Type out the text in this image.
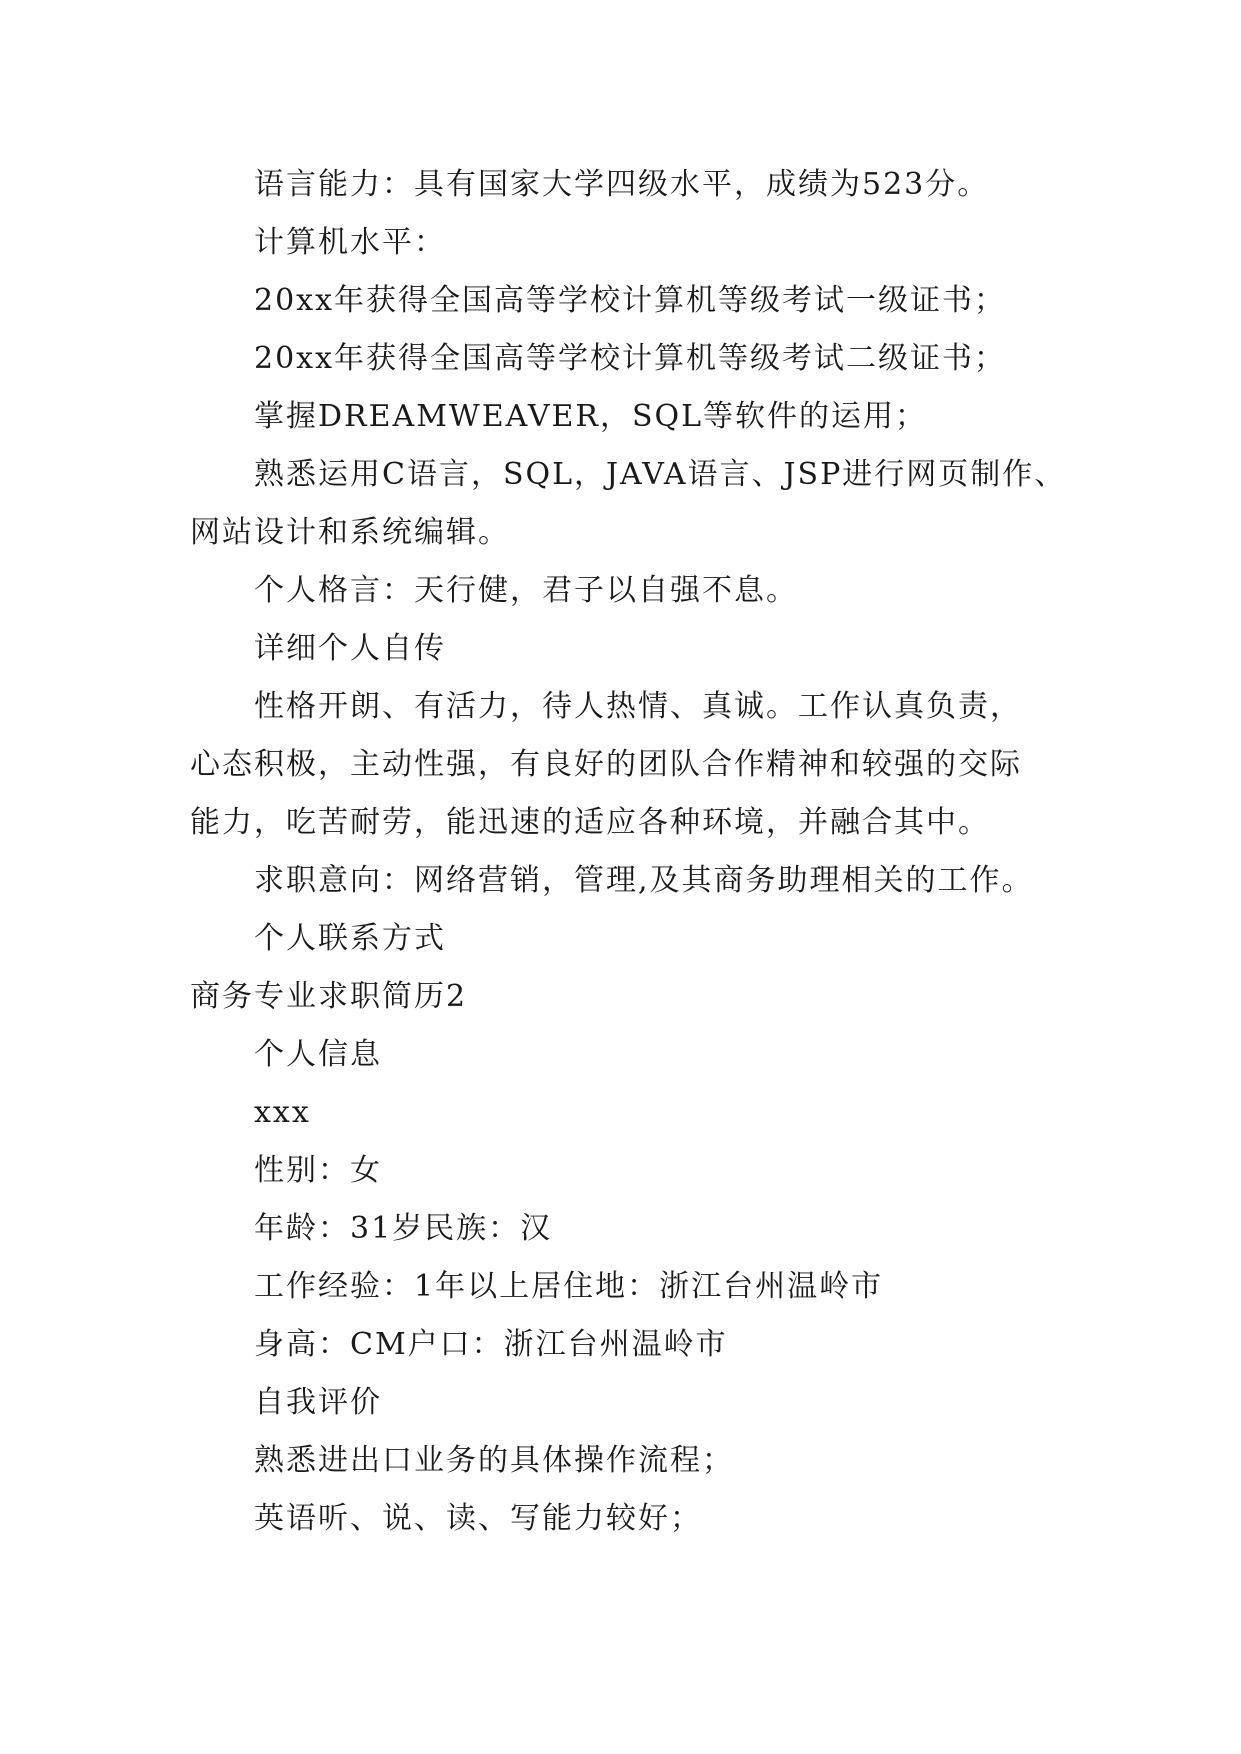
语言能力：具有国家大学四级水平，成绩为523分。
计算机水平：
20xx年获得全国高等学校计算机等级考试一级证书；
20xx年获得全国高等学校计算机等级考试二级证书；
掌握DREAMWEAVER，SQL等软件的运用；
熟悉运用C语言，SQL，JAVA语言、JSP进行网页制作、
网站设计和系统编辑。
个人格言：天行健，君子以自强不息。
详细个人自传
性格开朗、有活力，待人热情、真诚。工作认真负责，
心态积极，主动性强，有良好的团队合作精神和较强的交际
能力，吃苦耐劳，能迅速的适应各种环境，并融合其中。
求职意向：网络营销，管理,及其商务助理相关的工作。
个人联系方式
商务专业求职简历2
个人信息
xxx
性别：女
年龄：31岁民族：汉
工作经验：1年以上居住地：浙江台州温岭市
身高：CM户口：浙江台州温岭市
自我评价
熟悉进出口业务的具体操作流程；
英语听、说、读、写能力较好；
